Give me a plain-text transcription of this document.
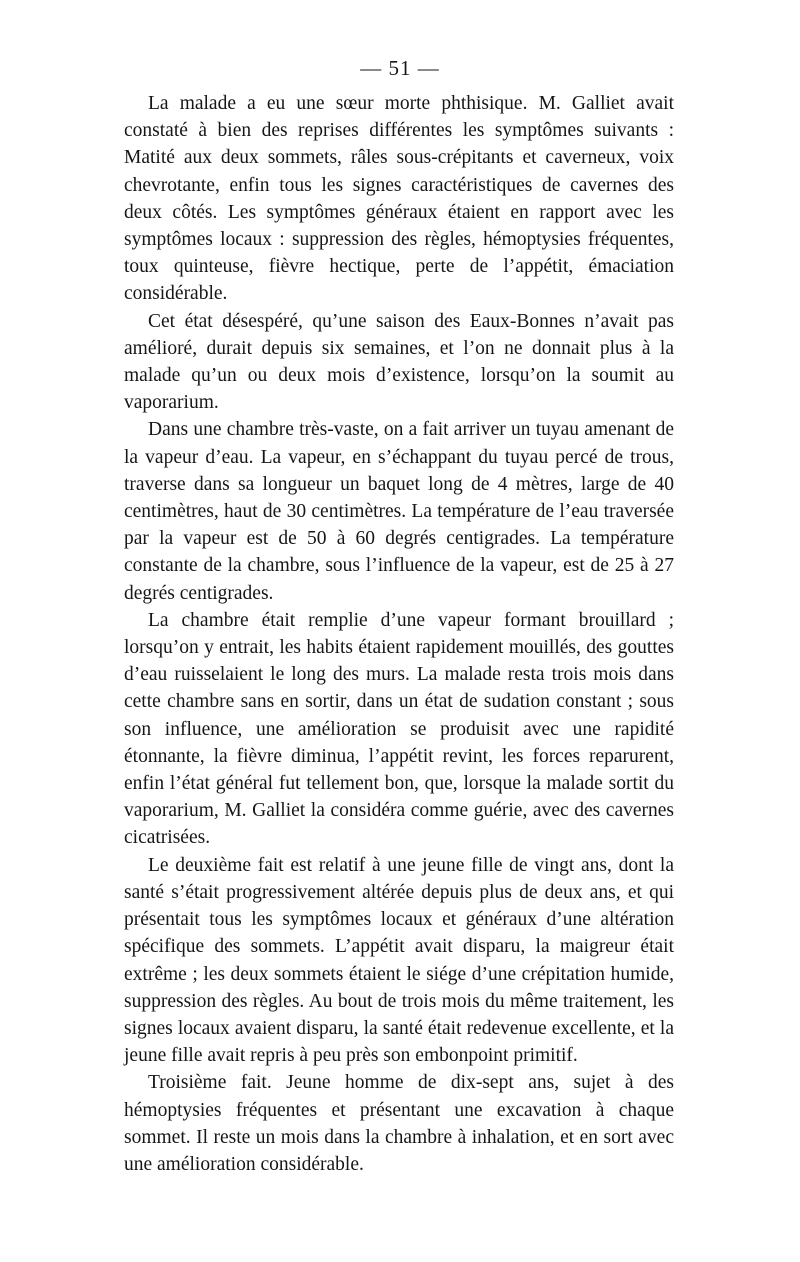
— 51 —

La malade a eu une sœur morte phthisique. M. Galliet avait constaté à bien des reprises différentes les symptômes suivants : Matité aux deux sommets, râles sous-crépitants et caverneux, voix chevrotante, enfin tous les signes caractéristiques de cavernes des deux côtés. Les symptômes généraux étaient en rapport avec les symptômes locaux : suppression des règles, hémoptysies fréquentes, toux quinteuse, fièvre hectique, perte de l’appétit, émaciation considérable.

Cet état désespéré, qu’une saison des Eaux-Bonnes n’avait pas amélioré, durait depuis six semaines, et l’on ne donnait plus à la malade qu’un ou deux mois d’existence, lorsqu’on la soumit au vaporarium.

Dans une chambre très-vaste, on a fait arriver un tuyau amenant de la vapeur d’eau. La vapeur, en s’échappant du tuyau percé de trous, traverse dans sa longueur un baquet long de 4 mètres, large de 40 centimètres, haut de 30 centimètres. La température de l’eau traversée par la vapeur est de 50 à 60 degrés centigrades. La température constante de la chambre, sous l’influence de la vapeur, est de 25 à 27 degrés centigrades.

La chambre était remplie d’une vapeur formant brouillard ; lorsqu’on y entrait, les habits étaient rapidement mouillés, des gouttes d’eau ruisselaient le long des murs. La malade resta trois mois dans cette chambre sans en sortir, dans un état de sudation constant ; sous son influence, une amélioration se produisit avec une rapidité étonnante, la fièvre diminua, l’appétit revint, les forces reparurent, enfin l’état général fut tellement bon, que, lorsque la malade sortit du vaporarium, M. Galliet la considéra comme guérie, avec des cavernes cicatrisées.

Le deuxième fait est relatif à une jeune fille de vingt ans, dont la santé s’était progressivement altérée depuis plus de deux ans, et qui présentait tous les symptômes locaux et généraux d’une altération spécifique des sommets. L’appétit avait disparu, la maigreur était extrême ; les deux sommets étaient le siége d’une crépitation humide, suppression des règles. Au bout de trois mois du même traitement, les signes locaux avaient disparu, la santé était redevenue excellente, et la jeune fille avait repris à peu près son embonpoint primitif.

Troisième fait. Jeune homme de dix-sept ans, sujet à des hémoptysies fréquentes et présentant une excavation à chaque sommet. Il reste un mois dans la chambre à inhalation, et en sort avec une amélioration considérable.
